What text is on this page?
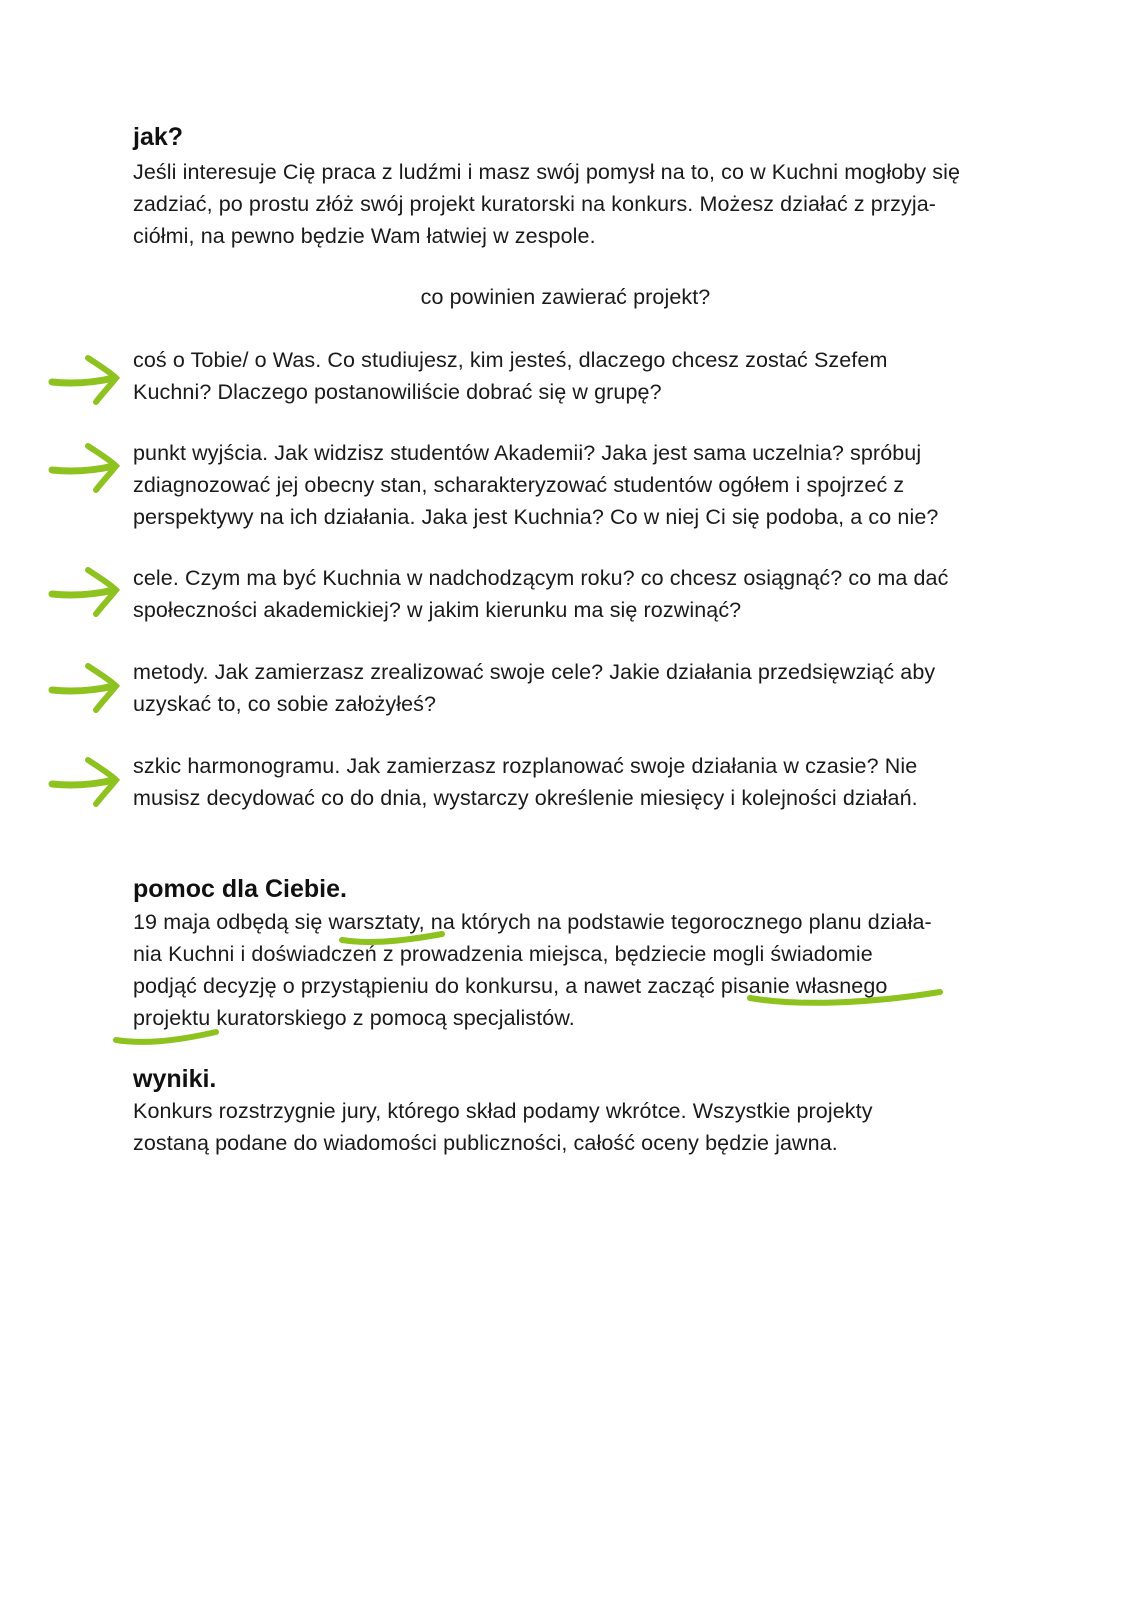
jak?
Jeśli interesuje Cię praca z ludźmi i masz swój pomysł na to, co w Kuchni mogłoby się
zadziać, po prostu złóż swój projekt kuratorski na konkurs. Możesz działać z przyja-
ciółmi, na pewno będzie Wam łatwiej w zespole.
co powinien zawierać projekt?
coś o Tobie/ o Was. Co studiujesz, kim jesteś, dlaczego chcesz zostać Szefem
Kuchni? Dlaczego postanowiliście dobrać się w grupę?
punkt wyjścia. Jak widzisz studentów Akademii? Jaka jest sama uczelnia? spróbuj
zdiagnozować jej obecny stan, scharakteryzować studentów ogółem i spojrzeć z
perspektywy na ich działania. Jaka jest Kuchnia? Co w niej Ci się podoba, a co nie?
cele. Czym ma być Kuchnia w nadchodzącym roku? co chcesz osiągnąć? co ma dać
społeczności akademickiej? w jakim kierunku ma się rozwinąć?
metody. Jak zamierzasz zrealizować swoje cele? Jakie działania przedsięwziąć aby
uzyskać to, co sobie założyłeś?
szkic harmonogramu. Jak zamierzasz rozplanować swoje działania w czasie? Nie
musisz decydować co do dnia, wystarczy określenie miesięcy i kolejności działań.
pomoc dla Ciebie.
19 maja odbędą się warsztaty, na których na podstawie tegorocznego planu działa-
nia Kuchni i doświadczeń z prowadzenia miejsca, będziecie mogli świadomie
podjąć decyzję o przystąpieniu do konkursu, a nawet zacząć pisanie własnego
projektu kuratorskiego z pomocą specjalistów.
wyniki.
Konkurs rozstrzygnie jury, którego skład podamy wkrótce. Wszystkie projekty
zostaną podane do wiadomości publiczności, całość oceny będzie jawna.
